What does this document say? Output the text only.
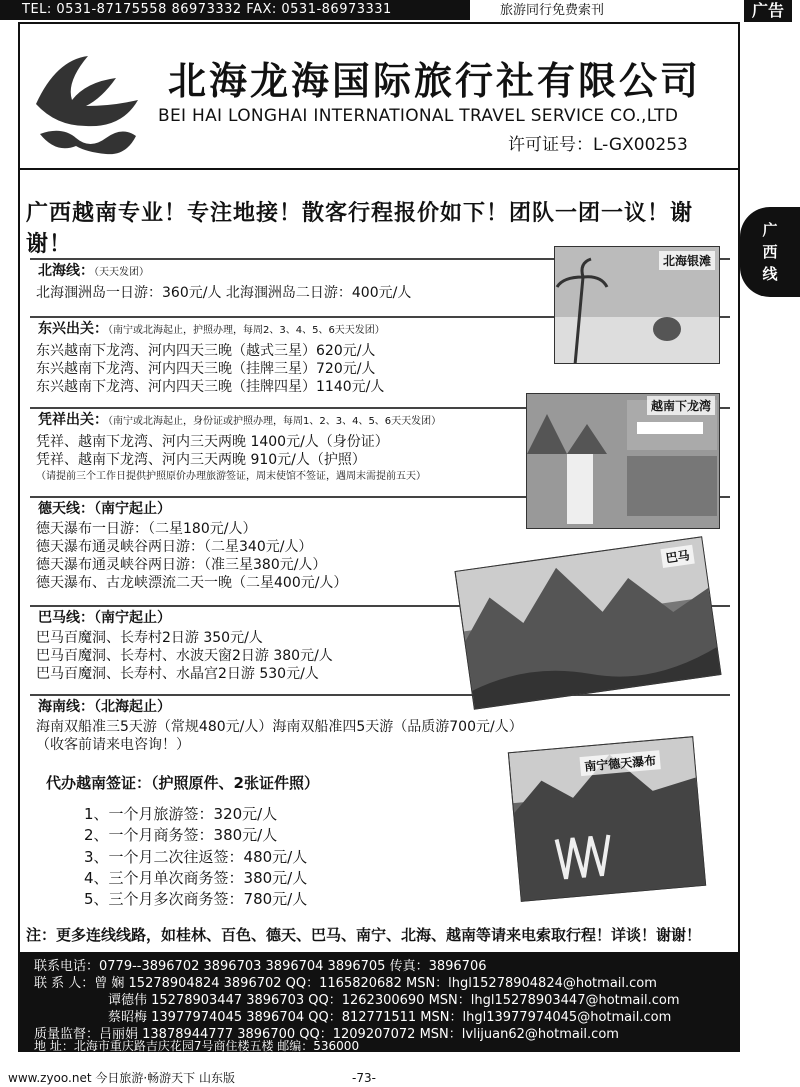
TEL: 0531-87175558 86973332 FAX: 0531-86973331	旅游同行免费索刊	广告
北海龙海国际旅行社有限公司
BEI HAI LONGHAI INTERNATIONAL TRAVEL SERVICE CO.,LTD
许可证号：L-GX00253
广西越南专业！专注地接！散客行程报价如下！团队一团一议！谢谢！
广
西
线
北海线：（天天发团）
北海涠洲岛一日游：360元/人 北海涠洲岛二日游：400元/人
东兴出关：（南宁或北海起止，护照办理，每周2、3、4、5、6天天发团）
东兴越南下龙湾、河内四天三晚（越式三星）620元/人
东兴越南下龙湾、河内四天三晚（挂牌三星）720元/人
东兴越南下龙湾、河内四天三晚（挂牌四星）1140元/人
凭祥出关：（南宁或北海起止，身份证或护照办理，每周1、2、3、4、5、6天天发团）
凭祥、越南下龙湾、河内三天两晚 1400元/人（身份证）
凭祥、越南下龙湾、河内三天两晚 910元/人（护照）
（请提前三个工作日提供护照原价办理旅游签证，周末使馆不签证，遇周末需提前五天）
德天线：（南宁起止）
德天瀑布一日游：（二星180元/人）
德天瀑布通灵峡谷两日游：（二星340元/人）
德天瀑布通灵峡谷两日游：（准三星380元/人）
德天瀑布、古龙峡漂流二天一晚（二星400元/人）
巴马线：（南宁起止）
巴马百魔洞、长寿村2日游 350元/人
巴马百魔洞、长寿村、水波天窗2日游 380元/人
巴马百魔洞、长寿村、水晶宫2日游 530元/人
海南线：（北海起止）
海南双船准三5天游（常规480元/人）海南双船准四5天游（品质游700元/人）
（收客前请来电咨询！）
北海银滩
越南下龙湾
巴马
南宁德天瀑布
代办越南签证：（护照原件、2张证件照）
1、一个月旅游签：320元/人
2、一个月商务签：380元/人
3、一个月二次往返签：480元/人
4、三个月单次商务签：380元/人
5、三个月多次商务签：780元/人
注：更多连线线路，如桂林、百色、德天、巴马、南宁、北海、越南等请来电索取行程！详谈！谢谢！
联系电话：0779--3896702 3896703 3896704 3896705 传真：3896706
联 系 人：曾 娴 15278904824 3896702 QQ：1165820682 MSN：lhgl15278904824@hotmail.com
谭德伟 15278903447 3896703 QQ：1262300690 MSN：lhgl15278903447@hotmail.com
蔡昭梅 13977974045 3896704 QQ：812771511 MSN：lhgl13977974045@hotmail.com
质量监督：吕丽娟 13878944777 3896700 QQ：1209207072 MSN：lvlijuan62@hotmail.com
地 址：北海市重庆路吉庆花园7号商住楼五楼 邮编：536000
www.zyoo.net 今日旅游·畅游天下 山东版	-73-
